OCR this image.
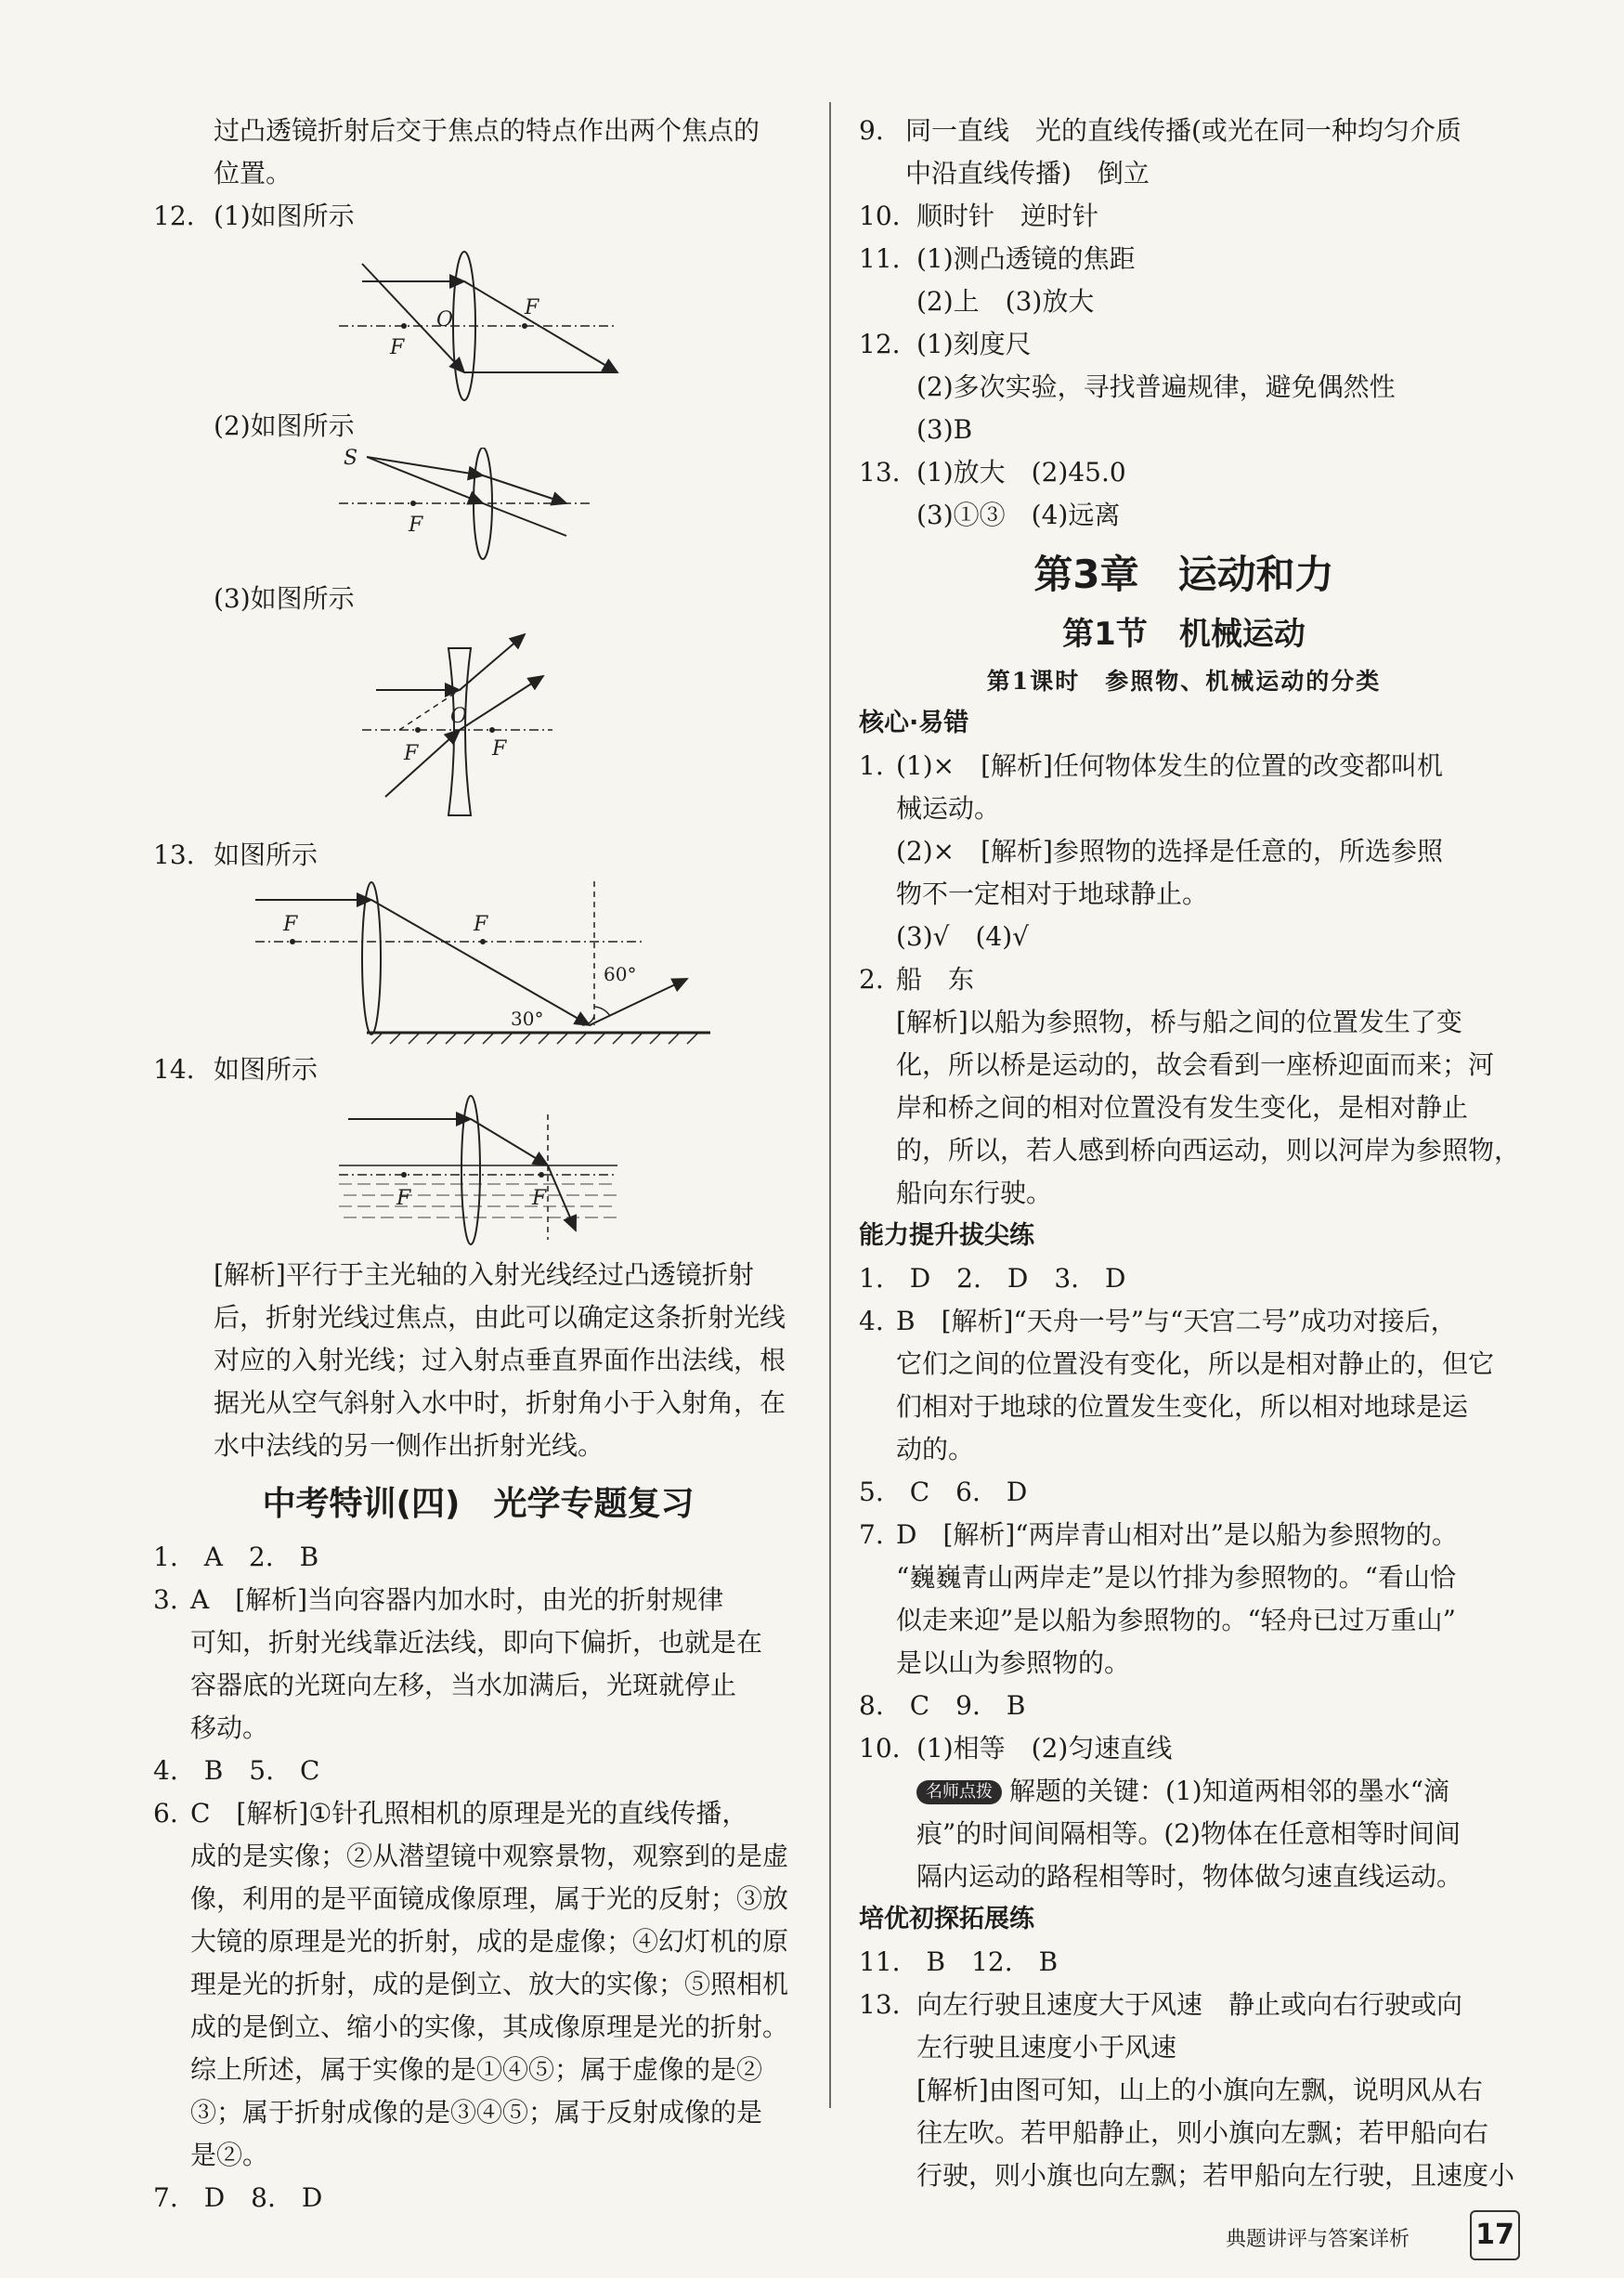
过凸透镜折射后交于焦点的特点作出两个焦点的
位置。
12. (1)如图所示
F
F
O
(2)如图所示
S
F
(3)如图所示
F	F
O
13. 如图所示
F	F
60°
30°
14. 如图所示
F	F
[解析]平行于主光轴的入射光线经过凸透镜折射
后，折射光线过焦点，由此可以确定这条折射光线
对应的入射光线；过入射点垂直界面作出法线，根
据光从空气斜射入水中时，折射角小于入射角，在
水中法线的另一侧作出折射光线。
中考特训(四)　光学专题复习
1.　A　2.　B
3. A　[解析]当向容器内加水时，由光的折射规律
可知，折射光线靠近法线，即向下偏折，也就是在
容器底的光斑向左移，当水加满后，光斑就停止
移动。
4.　B　5.　C
6. C　[解析]①针孔照相机的原理是光的直线传播，
成的是实像；②从潜望镜中观察景物，观察到的是虚
像，利用的是平面镜成像原理，属于光的反射；③放
大镜的原理是光的折射，成的是虚像；④幻灯机的原
理是光的折射，成的是倒立、放大的实像；⑤照相机
成的是倒立、缩小的实像，其成像原理是光的折射。
综上所述，属于实像的是①④⑤；属于虚像的是②
③；属于折射成像的是③④⑤；属于反射成像的是
是②。
7.　D　8.　D
9. 同一直线　光的直线传播(或光在同一种均匀介质
中沿直线传播)　倒立
10. 顺时针　逆时针
11. (1)测凸透镜的焦距
(2)上　(3)放大
12. (1)刻度尺
(2)多次实验，寻找普遍规律，避免偶然性
(3)B
13. (1)放大　(2)45.0
(3)①③　(4)远离
第3章　运动和力
第1节　机械运动
第1课时　参照物、机械运动的分类
核心·易错
1. (1)×　[解析]任何物体发生的位置的改变都叫机
械运动。
(2)×　[解析]参照物的选择是任意的，所选参照
物不一定相对于地球静止。
(3)√　(4)√
2. 船　东
[解析]以船为参照物，桥与船之间的位置发生了变
化，所以桥是运动的，故会看到一座桥迎面而来；河
岸和桥之间的相对位置没有发生变化，是相对静止
的，所以，若人感到桥向西运动，则以河岸为参照物，
船向东行驶。
能力提升拔尖练
1.　D　2.　D　3.　D
4. B　[解析]“天舟一号”与“天宫二号”成功对接后，
它们之间的位置没有变化，所以是相对静止的，但它
们相对于地球的位置发生变化，所以相对地球是运
动的。
5.　C　6.　D
7. D　[解析]“两岸青山相对出”是以船为参照物的。
“巍巍青山两岸走”是以竹排为参照物的。“看山恰
似走来迎”是以船为参照物的。“轻舟已过万重山”
是以山为参照物的。
8.　C　9.　B
10. (1)相等　(2)匀速直线
名师点拨 解题的关键：(1)知道两相邻的墨水“滴
痕”的时间间隔相等。(2)物体在任意相等时间间
隔内运动的路程相等时，物体做匀速直线运动。
培优初探拓展练
11.　B　12.　B
13. 向左行驶且速度大于风速　静止或向右行驶或向
左行驶且速度小于风速
[解析]由图可知，山上的小旗向左飘，说明风从右
往左吹。若甲船静止，则小旗向左飘；若甲船向右
行驶，则小旗也向左飘；若甲船向左行驶，且速度小
典题讲评与答案详析 17
